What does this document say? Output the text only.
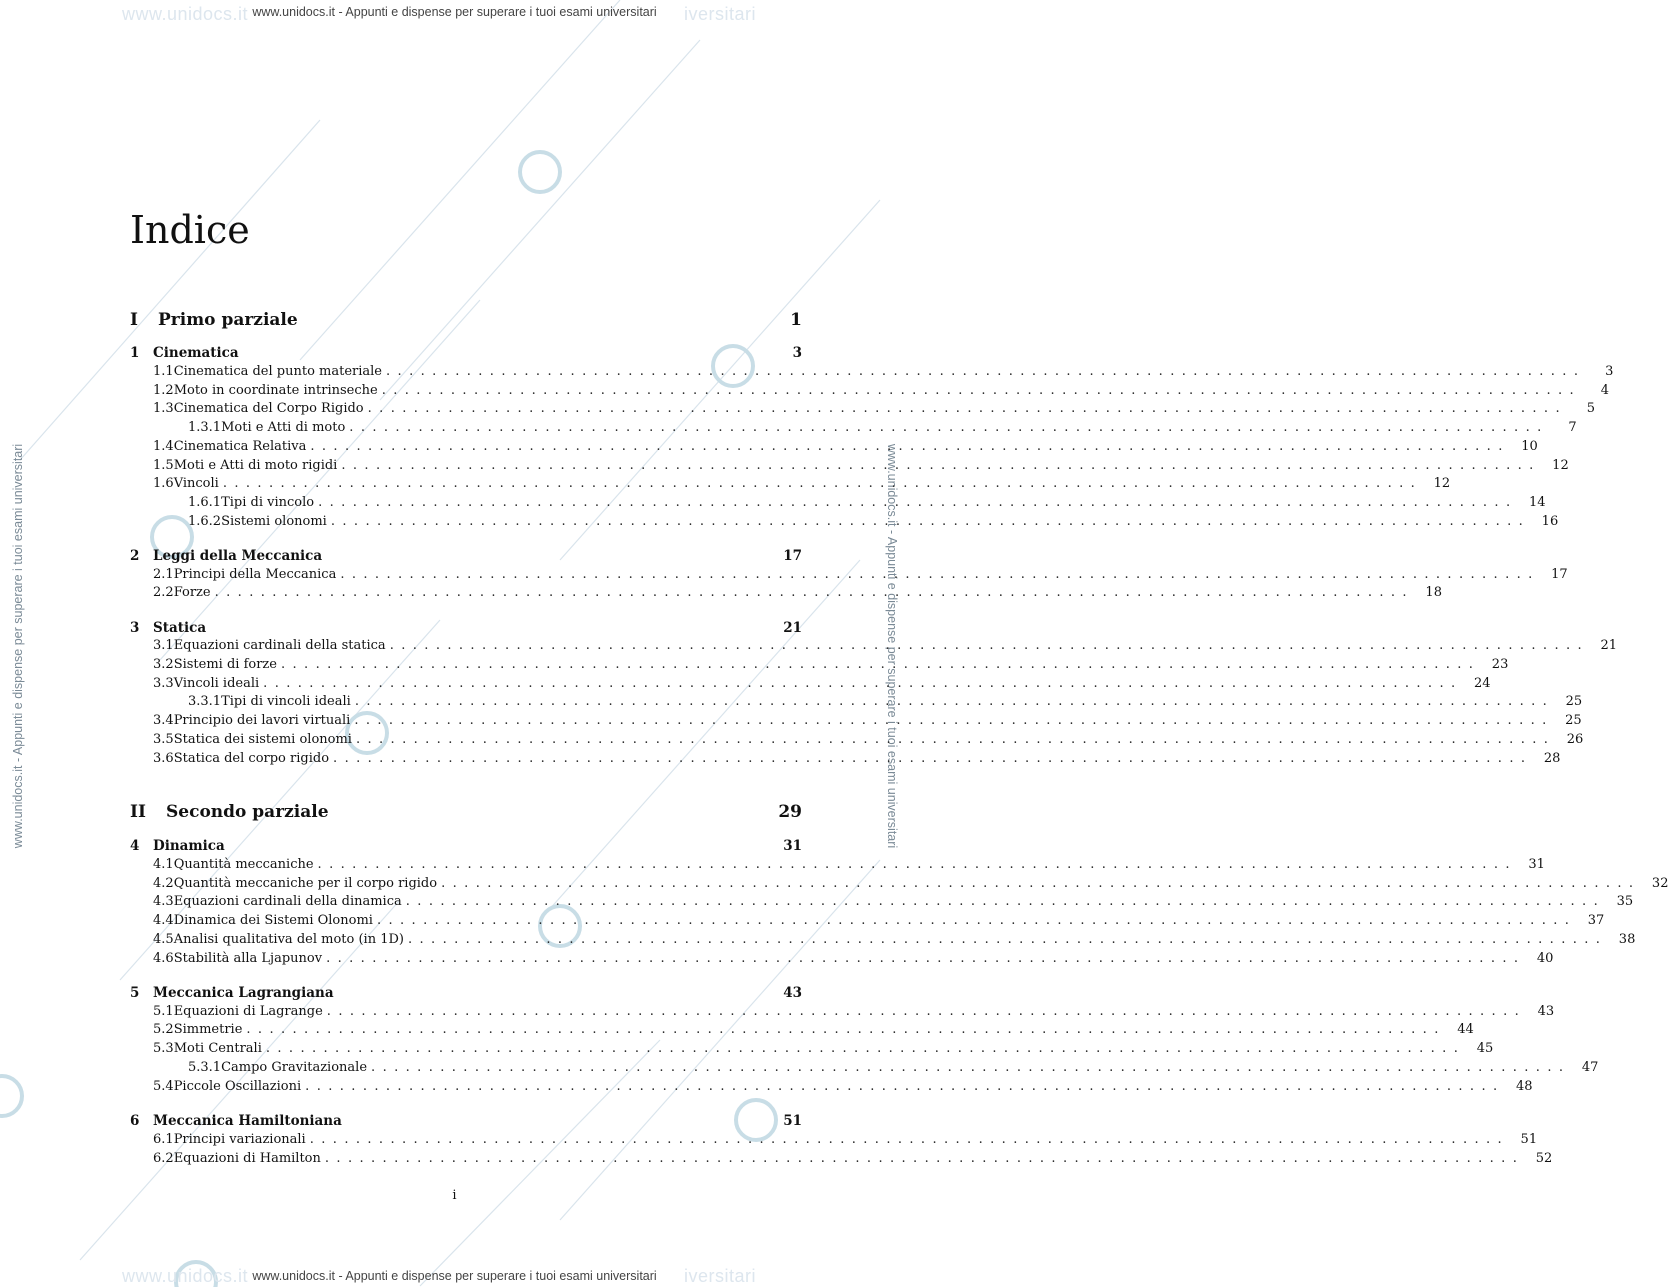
www.unidocs.it	iversitari
www.unidocs.it	iversitari
www.unidocs.it - Appunti e dispense per superare i tuoi esami universitari
www.unidocs.it - Appunti e dispense per superare i tuoi esami universitari
www.unidocs.it - Appunti e dispense per superare i tuoi esami universitari	www.unidocs.it - Appunti e dispense per superare i tuoi esami universitari
Indice
I Primo parziale	1
1 Cinematica	3
1.1 Cinematica del punto materiale ........................................................................................................	3
1.2 Moto in coordinate intrinseche ........................................................................................................	4
1.3 Cinematica del Corpo Rigido ........................................................................................................	5
1.3.1 Moti e Atti di moto ........................................................................................................	7
1.4 Cinematica Relativa ........................................................................................................ 10
1.5 Moti e Atti di moto rigidi ........................................................................................................ 12
1.6 Vincoli ........................................................................................................ 12
1.6.1 Tipi di vincolo ........................................................................................................ 14
1.6.2 Sistemi olonomi ........................................................................................................ 16
2 Leggi della Meccanica	17
2.1 Principi della Meccanica ........................................................................................................ 17
2.2 Forze ........................................................................................................ 18
3 Statica	21
3.1 Equazioni cardinali della statica ........................................................................................................ 21
3.2 Sistemi di forze ........................................................................................................ 23
3.3 Vincoli ideali ........................................................................................................ 24
3.3.1 Tipi di vincoli ideali ........................................................................................................ 25
3.4 Principio dei lavori virtuali ........................................................................................................ 25
3.5 Statica dei sistemi olonomi ........................................................................................................ 26
3.6 Statica del corpo rigido ........................................................................................................ 28
II Secondo parziale	29
4 Dinamica	31
4.1 Quantità meccaniche ........................................................................................................ 31
4.2 Quantità meccaniche per il corpo rigido ........................................................................................................ 32
4.3 Equazioni cardinali della dinamica ........................................................................................................ 35
4.4 Dinamica dei Sistemi Olonomi ........................................................................................................ 37
4.5 Analisi qualitativa del moto (in 1D) ........................................................................................................ 38
4.6 Stabilità alla Ljapunov ........................................................................................................ 40
5 Meccanica Lagrangiana	43
5.1 Equazioni di Lagrange ........................................................................................................ 43
5.2 Simmetrie ........................................................................................................ 44
5.3 Moti Centrali ........................................................................................................ 45
5.3.1 Campo Gravitazionale ........................................................................................................ 47
5.4 Piccole Oscillazioni ........................................................................................................ 48
6 Meccanica Hamiltoniana	51
6.1 Principi variazionali ........................................................................................................ 51
6.2 Equazioni di Hamilton ........................................................................................................ 52
i
